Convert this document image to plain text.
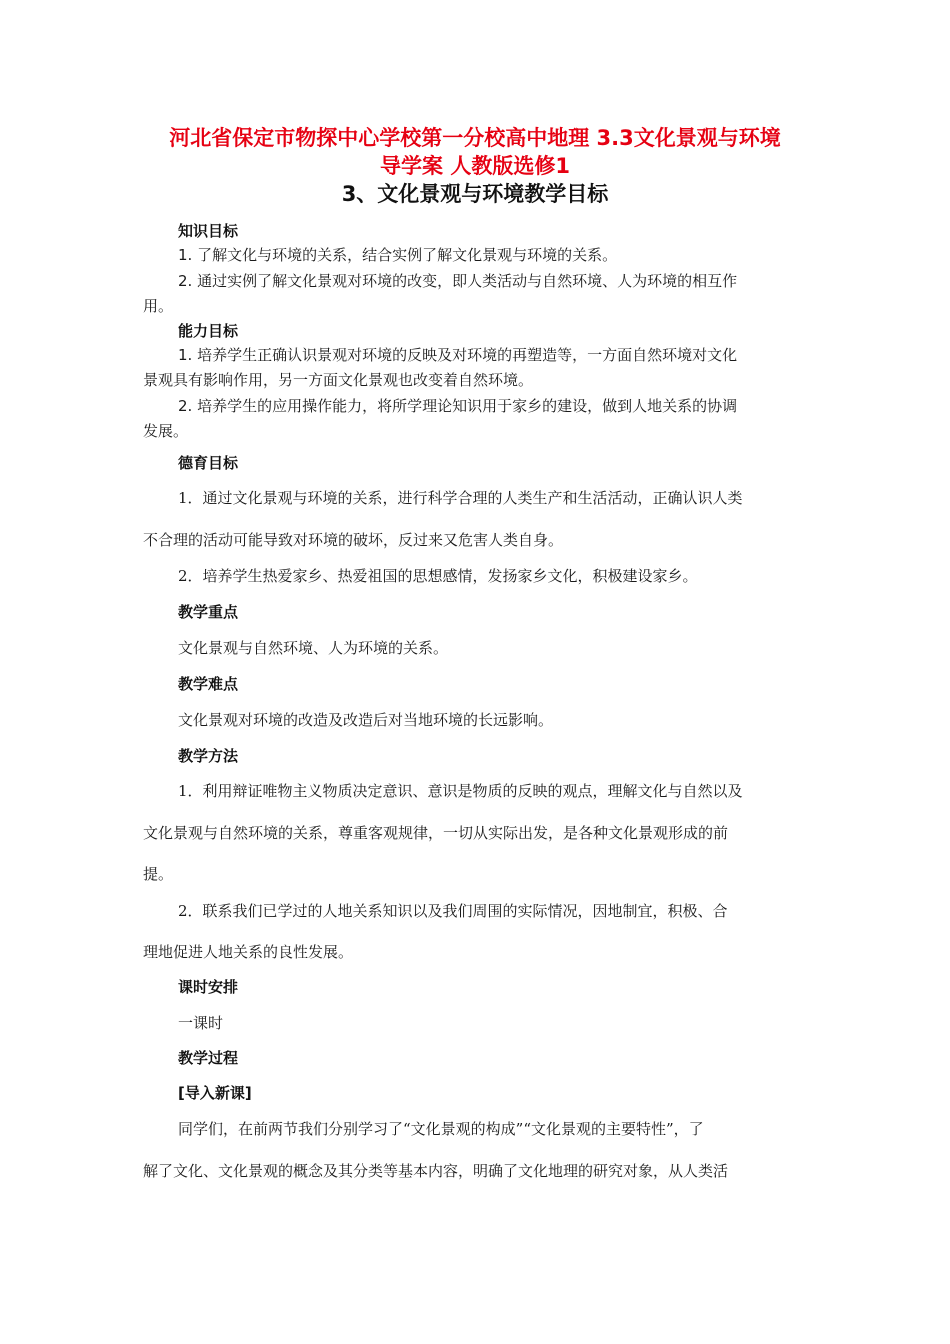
河北省保定市物探中心学校第一分校高中地理 3.3文化景观与环境
导学案 人教版选修1
3、文化景观与环境教学目标
知识目标
1. 了解文化与环境的关系，结合实例了解文化景观与环境的关系。
2. 通过实例了解文化景观对环境的改变，即人类活动与自然环境、人为环境的相互作
用。
能力目标
1. 培养学生正确认识景观对环境的反映及对环境的再塑造等，一方面自然环境对文化
景观具有影响作用，另一方面文化景观也改变着自然环境。
2. 培养学生的应用操作能力，将所学理论知识用于家乡的建设，做到人地关系的协调
发展。
德育目标
1．通过文化景观与环境的关系，进行科学合理的人类生产和生活活动，正确认识人类
不合理的活动可能导致对环境的破坏，反过来又危害人类自身。
2．培养学生热爱家乡、热爱祖国的思想感情，发扬家乡文化，积极建设家乡。
教学重点
文化景观与自然环境、人为环境的关系。
教学难点
文化景观对环境的改造及改造后对当地环境的长远影响。
教学方法
1．利用辩证唯物主义物质决定意识、意识是物质的反映的观点，理解文化与自然以及
文化景观与自然环境的关系，尊重客观规律，一切从实际出发，是各种文化景观形成的前
提。
2．联系我们已学过的人地关系知识以及我们周围的实际情况，因地制宜，积极、合
理地促进人地关系的良性发展。
课时安排
一课时
教学过程
[导入新课]
同学们，在前两节我们分别学习了“文化景观的构成”“文化景观的主要特性”，了
解了文化、文化景观的概念及其分类等基本内容，明确了文化地理的研究对象，从人类活
